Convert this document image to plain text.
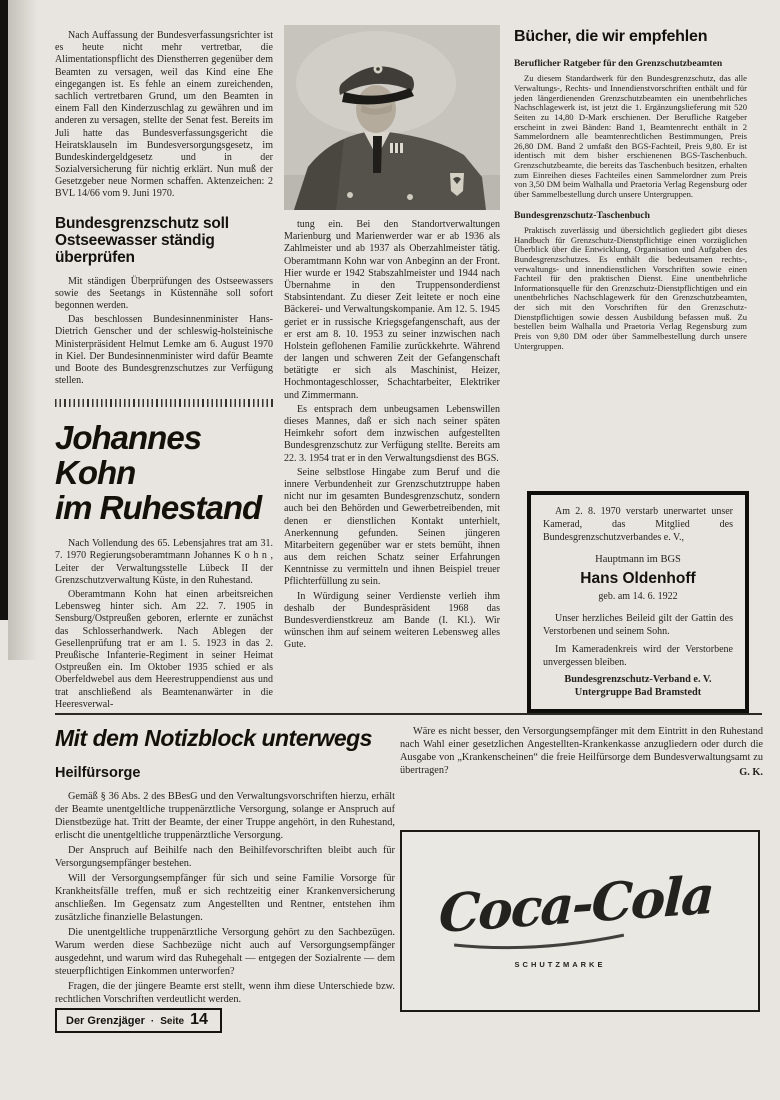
Nach Auffassung der Bundesverfassungsrichter ist es heute nicht mehr vertretbar, die Alimentationspflicht des Dienstherren gegenüber dem Beamten zu versagen, weil das Kind eine Ehe eingegangen ist. Es fehle an einem zureichenden, sachlich vertretbaren Grund, um den Beamten in einem Fall den Kinderzuschlag zu gewähren und im anderen zu versagen, stellte der Senat fest. Bereits im Juli hatte das Bundesverfassungsgericht die Heiratsklauseln im Bundesversorgungsgesetz, im Bundeskindergeldgesetz und in der Sozialversicherung für nichtig erklärt. Nun muß der Gesetzgeber neue Normen schaffen. Aktenzeichen: 2 BVL 14/66 vom 9. Juni 1970.

Bundesgrenzschutz soll Ostseewasser ständig überprüfen

Mit ständigen Überprüfungen des Ostseewassers sowie des Seetangs in Küstennähe soll sofort begonnen werden.

Das beschlossen Bundesinnenminister Hans-Dietrich Genscher und der schleswig-holsteinische Ministerpräsident Helmut Lemke am 6. August 1970 in Kiel. Der Bundesinnenminister wird dafür Beamte und Boote des Bundesgrenzschutzes zur Verfügung stellen.

Johannes Kohn
im Ruhestand

Nach Vollendung des 65. Lebensjahres trat am 31. 7. 1970 Regierungsoberamtmann Johannes K o h n , Leiter der Verwaltungsstelle Lübeck II der Grenzschutzverwaltung Küste, in den Ruhestand.

Oberamtmann Kohn hat einen arbeitsreichen Lebensweg hinter sich. Am 22. 7. 1905 in Sensburg/Ostpreußen geboren, erlernte er zunächst das Schlosserhandwerk. Nach Ablegen der Gesellenprüfung trat er am 1. 5. 1923 in das 2. Preußische Infanterie-Regiment in seiner Heimat Ostpreußen ein. Im Oktober 1935 schied er als Oberfeldwebel aus dem Heerestruppendienst aus und trat anschließend als Beamtenanwärter in die Heeresverwal-

tung ein. Bei den Standortverwaltungen Marienburg und Marienwerder war er ab 1936 als Zahlmeister und ab 1937 als Oberzahlmeister tätig. Oberamtmann Kohn war von Anbeginn an der Front. Hier wurde er 1942 Stabszahlmeister und 1944 nach Übernahme in den Truppensonderdienst Stabsintendant. Zu dieser Zeit leitete er noch eine Bäckerei- und Verwaltungskompanie. Am 12. 5. 1945 geriet er in russische Kriegsgefangenschaft, aus der er erst am 8. 10. 1953 zu seiner inzwischen nach Holstein geflohenen Familie zurückkehrte. Während der langen und schweren Zeit der Gefangenschaft betätigte er sich als Maschinist, Heizer, Hochmontageschlosser, Schachtarbeiter, Elektriker und Zimmermann.

Es entsprach dem unbeugsamen Lebenswillen dieses Mannes, daß er sich nach seiner späten Heimkehr sofort dem inzwischen aufgestellten Bundesgrenzschutz zur Verfügung stellte. Bereits am 22. 3. 1954 trat er in den Verwaltungsdienst des BGS.

Seine selbstlose Hingabe zum Beruf und die innere Verbundenheit zur Grenzschutztruppe haben nicht nur im gesamten Bundesgrenzschutz, sondern auch bei den Behörden und Gewerbetreibenden, mit denen er dienstlichen Kontakt unterhielt, Anerkennung gefunden. Seinen jüngeren Mitarbeitern gegenüber war er stets bemüht, ihnen aus dem reichen Schatz seiner Erfahrungen Kenntnisse zu vermitteln und ihnen Beispiel treuer Pflichterfüllung zu sein.

In Würdigung seiner Verdienste verlieh ihm deshalb der Bundespräsident 1968 das Bundesverdienstkreuz am Bande (I. Kl.). Wir wünschen ihm auf seinem weiteren Lebensweg alles Gute.

Bücher, die wir empfehlen
Beruflicher Ratgeber für den Grenzschutzbeamten

Zu diesem Standardwerk für den Bundesgrenzschutz, das alle Verwaltungs-, Rechts- und Innendienstvorschriften enthält und für jeden längerdienenden Grenzschutzbeamten ein unentbehrliches Nachschlagewerk ist, ist jetzt die 1. Ergänzungslieferung mit 520 Seiten zu 14,80 D-Mark erschienen. Der Berufliche Ratgeber erscheint in zwei Bänden: Band 1, Beamtenrecht enthält in 2 Sammelordnern alle beamtenrechtlichen Bestimmungen, Preis 26,80 DM. Band 2 umfaßt den BGS-Fachteil, Preis 9,80. Er ist identisch mit dem bisher erschienenen BGS-Taschenbuch. Grenzschutzbeamte, die bereits das Taschenbuch besitzen, erhalten zum Einreihen dieses Fachteiles einen Sammelordner zum Preis von 3,50 DM beim Walhalla und Praetoria Verlag Regensburg oder über Sammelbestellung durch unsere Untergruppen.

Bundesgrenzschutz-Taschenbuch

Praktisch zuverlässig und übersichtlich gegliedert gibt dieses Handbuch für Grenzschutz-Dienstpflichtige einen vorzüglichen Überblick über die Entwicklung, Organisation und Aufgaben des Bundesgrenzschutzes. Es enthält die bedeutsamen rechts-, verwaltungs- und innendienstlichen Vorschriften sowie einen Fachteil für den praktischen Dienst. Eine unentbehrliche Informationsquelle für den Grenzschutz-Dienstpflichtigen und ein unentbehrliches Nachschlagewerk für den Grenzschutzbeamten, der sich mit den Vorschriften für den Grenzschutz-Dienstpflichtigen sowie dessen Ausbildung befassen muß. Zu bestellen beim Walhalla und Praetoria Verlag Regensburg zum Preis von 9,80 DM oder über Sammelbestellung durch unsere Untergruppen.

Am 2. 8. 1970 verstarb unerwartet unser Kamerad, das Mitglied des Bundesgrenzschutzverbandes e. V.,

Hauptmann im BGS
Hans Oldenhoff
geb. am 14. 6. 1922

Unser herzliches Beileid gilt der Gattin des Verstorbenen und seinem Sohn.

Im Kameradenkreis wird der Verstorbene unvergessen bleiben.

Bundesgrenzschutz-Verband e. V.
Untergruppe Bad Bramstedt
Mit dem Notizblock unterwegs
Heilfürsorge

Gemäß § 36 Abs. 2 des BBesG und den Verwaltungsvorschriften hierzu, erhält der Beamte unentgeltliche truppenärztliche Versorgung, solange er Anspruch auf Dienstbezüge hat. Tritt der Beamte, der einer Truppe angehört, in den Ruhestand, erlischt die unentgeltliche truppenärztliche Versorgung.

Der Anspruch auf Beihilfe nach den Beihilfevorschriften bleibt auch für Versorgungsempfänger bestehen.

Will der Versorgungsempfänger für sich und seine Familie Vorsorge für Krankheitsfälle treffen, muß er sich rechtzeitig einer Krankenversicherung anschließen. Im Gegensatz zum Angestellten und Rentner, entstehen ihm zusätzliche finanzielle Belastungen.

Die unentgeltliche truppenärztliche Versorgung gehört zu den Sachbezügen. Warum werden diese Sachbezüge nicht auch auf Versorgungsempfänger ausgedehnt, und warum wird das Ruhegehalt — entgegen der Sozialrente — dem steuerpflichtigen Einkommen unterworfen?

Fragen, die der jüngere Beamte erst stellt, wenn ihm diese Unterschiede bzw. rechtlichen Vorschriften verdeutlicht werden.

Wäre es nicht besser, den Versorgungsempfänger mit dem Eintritt in den Ruhestand nach Wahl einer gesetzlichen Angestellten-Krankenkasse anzugliedern oder durch die Ausgabe von „Krankenscheinen“ die freie Heilfürsorge dem Bundesverwaltungsamt zu übertragen?	G. K.
Coca-Cola
SCHUTZMARKE
Der Grenzjäger · Seite 14
